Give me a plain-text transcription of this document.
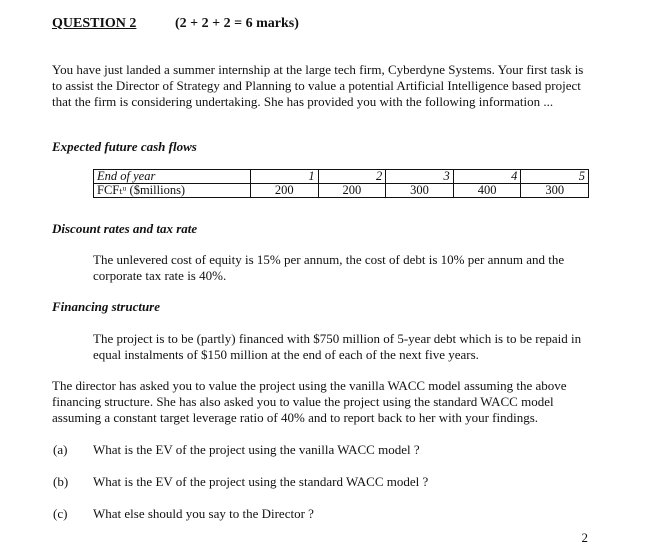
QUESTION 2	(2 + 2 + 2 = 6 marks)
You have just landed a summer internship at the large tech firm, Cyberdyne Systems. Your first task is to assist the Director of Strategy and Planning to value a potential Artificial Intelligence based project that the firm is considering undertaking. She has provided you with the following information ...
Expected future cash flows
End of year	1	2	3	4	5
FCFₜᵘ ($millions)	200	200	300	400	300
Discount rates and tax rate
The unlevered cost of equity is 15% per annum, the cost of debt is 10% per annum and the corporate tax rate is 40%.
Financing structure
The project is to be (partly) financed with $750 million of 5-year debt which is to be repaid in equal instalments of $150 million at the end of each of the next five years.
The director has asked you to value the project using the vanilla WACC model assuming the above financing structure. She has also asked you to value the project using the standard WACC model assuming a constant target leverage ratio of 40% and to report back to her with your findings.
(a) What is the EV of the project using the vanilla WACC model ?
(b) What is the EV of the project using the standard WACC model ?
(c) What else should you say to the Director ?
2
